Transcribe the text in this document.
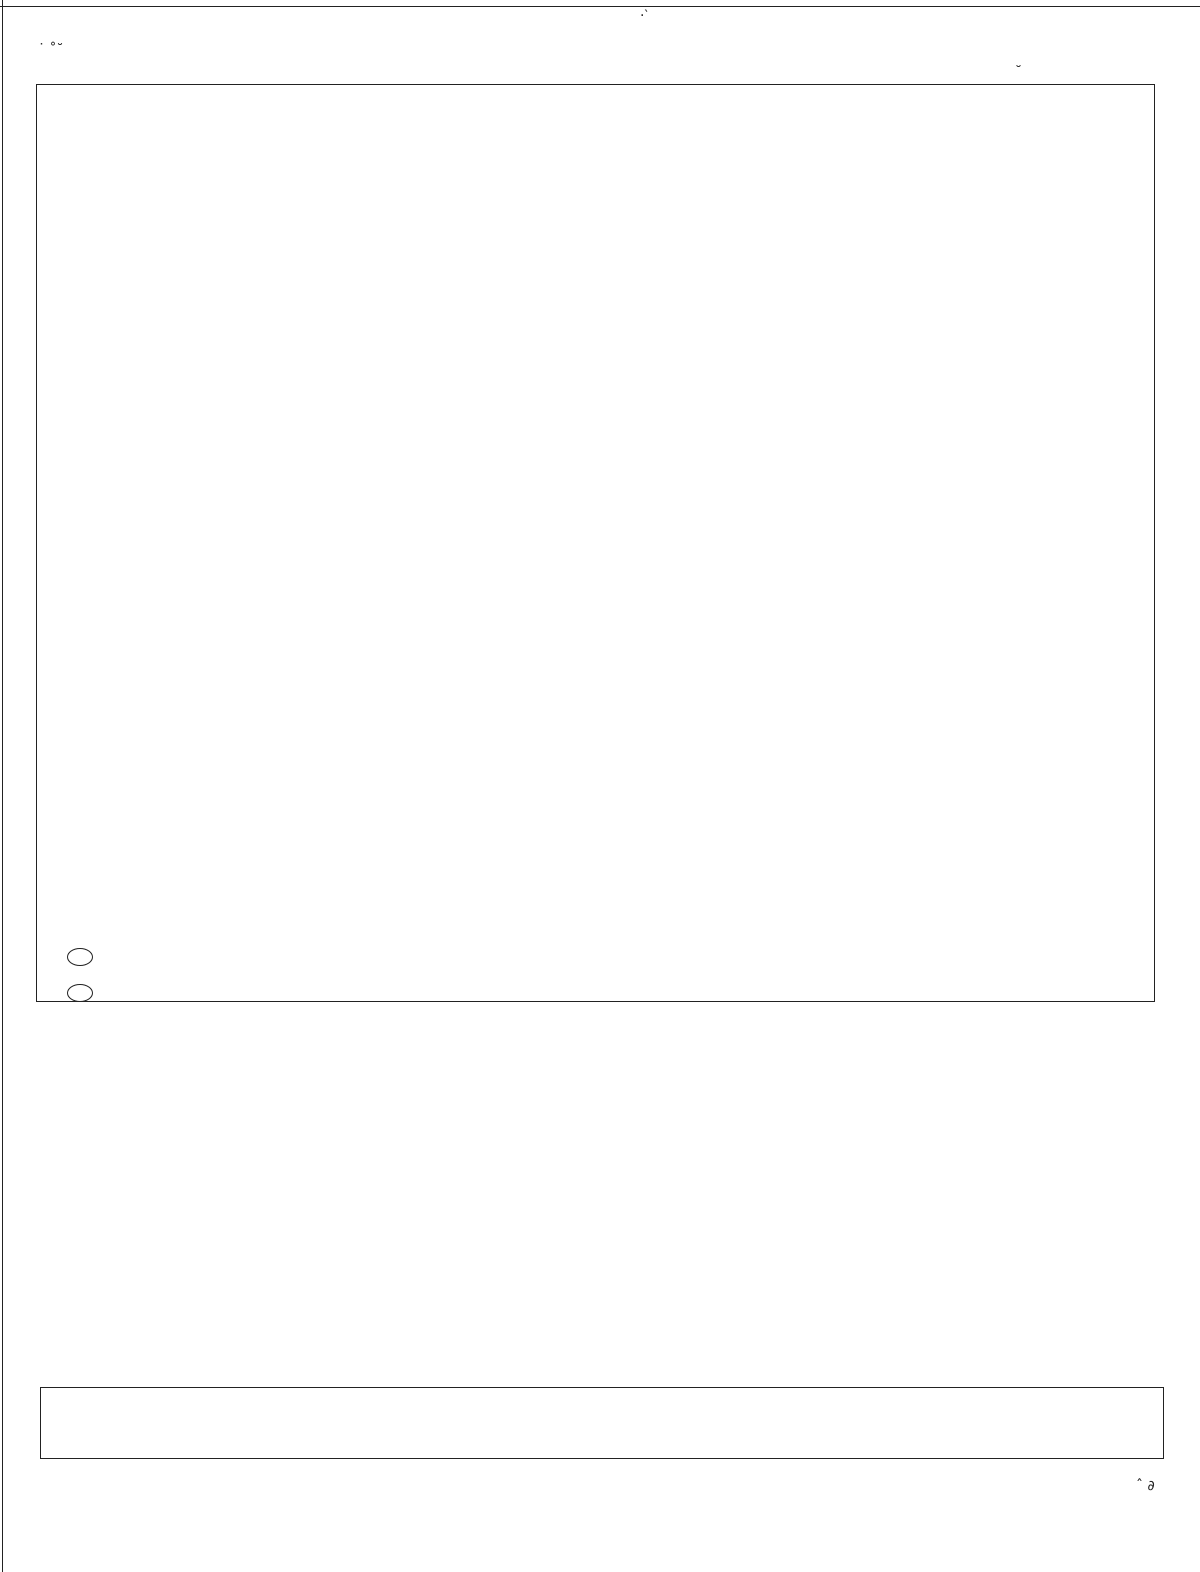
·‵
˙ ˚˘
˘
ˆ ∂
